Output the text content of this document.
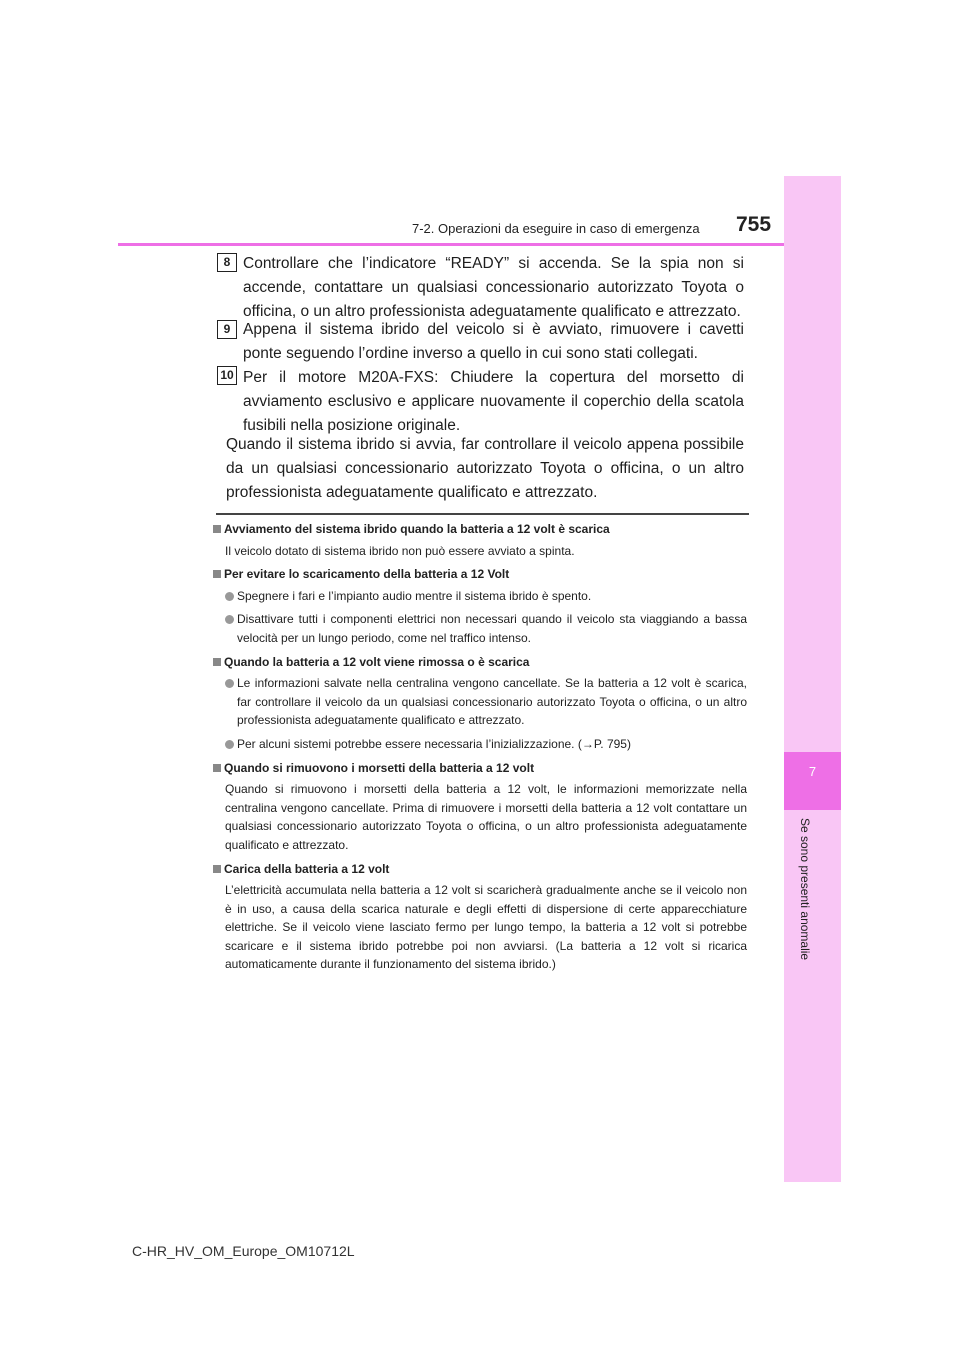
7
Se sono presenti anomalie
7-2. Operazioni da eseguire in caso di emergenza 755
8 Controllare che l’indicatore “READY” si accenda. Se la spia non si accende, contattare un qualsiasi concessionario autorizzato Toyota o officina, o un altro professionista adeguatamente qualificato e attrezzato.
9 Appena il sistema ibrido del veicolo si è avviato, rimuovere i cavetti ponte seguendo l’ordine inverso a quello in cui sono stati collegati.
10 Per il motore M20A-FXS: Chiudere la copertura del morsetto di avviamento esclusivo e applicare nuovamente il coperchio della scatola fusibili nella posizione originale.
Quando il sistema ibrido si avvia, far controllare il veicolo appena possibile da un qualsiasi concessionario autorizzato Toyota o officina, o un altro professionista adeguatamente qualificato e attrezzato.

Avviamento del sistema ibrido quando la batteria a 12 volt è scarica

Il veicolo dotato di sistema ibrido non può essere avviato a spinta.

Per evitare lo scaricamento della batteria a 12 Volt

Spegnere i fari e l’impianto audio mentre il sistema ibrido è spento.

Disattivare tutti i componenti elettrici non necessari quando il veicolo sta viaggiando a bassa velocità per un lungo periodo, come nel traffico intenso.

Quando la batteria a 12 volt viene rimossa o è scarica

Le informazioni salvate nella centralina vengono cancellate. Se la batteria a 12 volt è scarica, far controllare il veicolo da un qualsiasi concessionario autorizzato Toyota o officina, o un altro professionista adeguatamente qualificato e attrezzato.

Per alcuni sistemi potrebbe essere necessaria l’inizializzazione. (→P. 795)

Quando si rimuovono i morsetti della batteria a 12 volt

Quando si rimuovono i morsetti della batteria a 12 volt, le informazioni memorizzate nella centralina vengono cancellate. Prima di rimuovere i morsetti della batteria a 12 volt contattare un qualsiasi concessionario autorizzato Toyota o officina, o un altro professionista adeguatamente qualificato e attrezzato.

Carica della batteria a 12 volt

L’elettricità accumulata nella batteria a 12 volt si scaricherà gradualmente anche se il veicolo non è in uso, a causa della scarica naturale e degli effetti di dispersione di certe apparecchiature elettriche. Se il veicolo viene lasciato fermo per lungo tempo, la batteria a 12 volt si potrebbe scaricare e il sistema ibrido potrebbe poi non avviarsi. (La batteria a 12 volt si ricarica automaticamente durante il funzionamento del sistema ibrido.)

C-HR_HV_OM_Europe_OM10712L
